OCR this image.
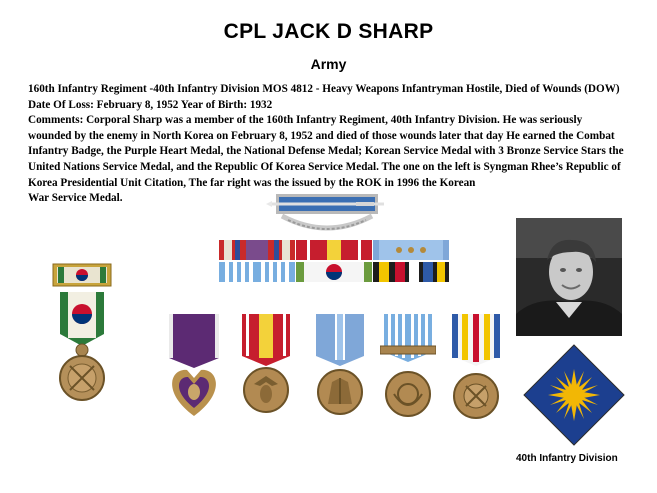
CPL JACK D SHARP
Army

160th Infantry Regiment -40th Infantry Division MOS 4812 - Heavy Weapons Infantryman Hostile, Died of Wounds (DOW) Date Of Loss: February 8, 1952 Year of Birth: 1932

Comments: Corporal Sharp was a member of the 160th Infantry Regiment, 40th Infantry Division. He was seriously wounded by the enemy in North Korea on February 8, 1952 and died of those wounds later that day He earned the Combat Infantry Badge, the Purple Heart Medal, the National Defense Medal; Korean Service Medal with 3 Bronze Service Stars the United Nations Service Medal, and the Republic Of Korea Service Medal. The one on the left is Syngman Rhee’s Republic of Korea Presidential Unit Citation, The far right was the issued by the ROK in 1996 the Korean

War Service Medal.

40th Infantry Division
